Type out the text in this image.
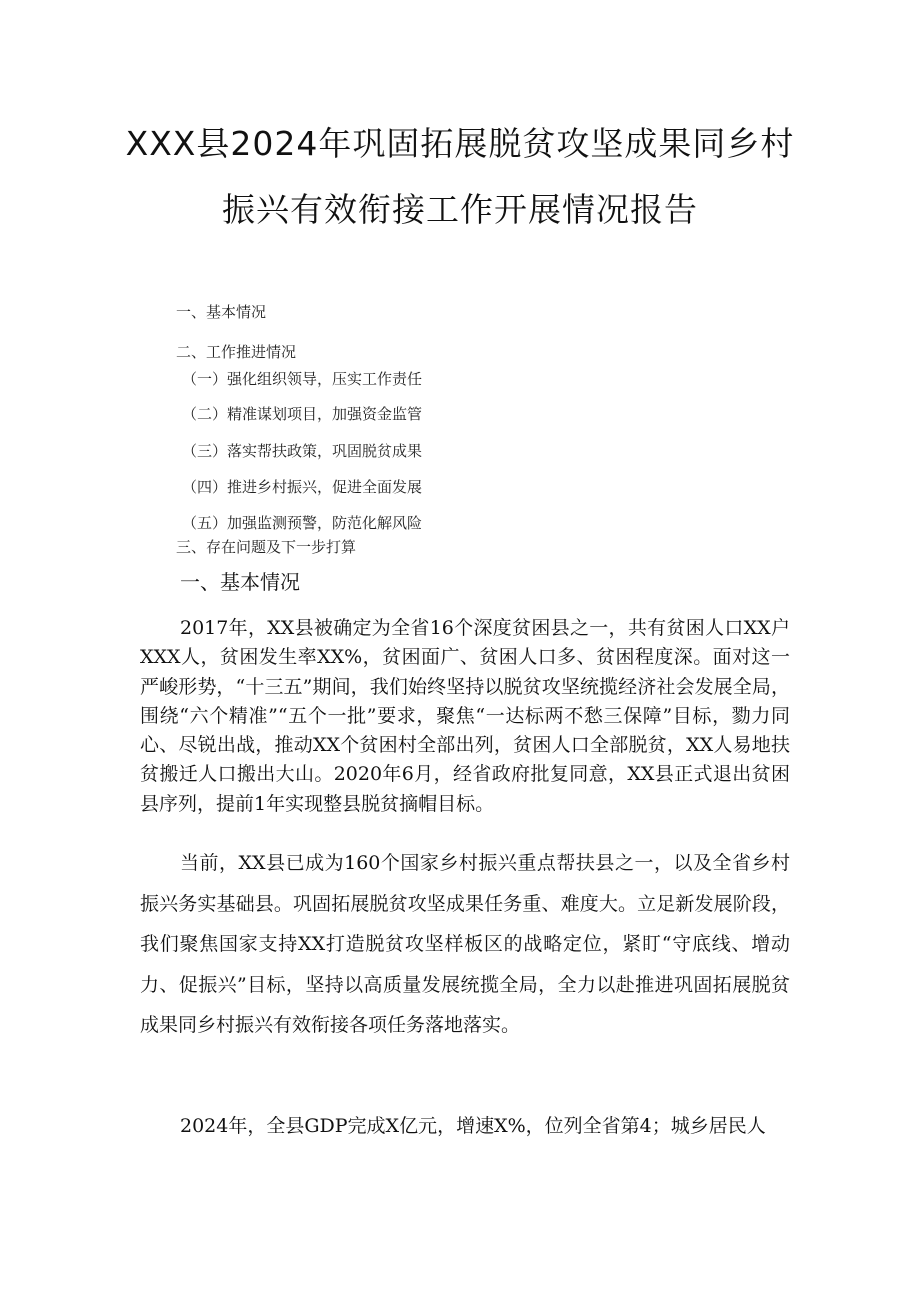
XXX县2024年巩固拓展脱贫攻坚成果同乡村
振兴有效衔接工作开展情况报告
一、基本情况
二、工作推进情况
（一）强化组织领导，压实工作责任
（二）精准谋划项目，加强资金监管
（三）落实帮扶政策，巩固脱贫成果
（四）推进乡村振兴，促进全面发展
（五）加强监测预警，防范化解风险
三、存在问题及下一步打算
一、基本情况

2017年，XX县被确定为全省16个深度贫困县之一，共有贫困人口XX户XXX人，贫困发生率XX%，贫困面广、贫困人口多、贫困程度深。面对这一严峻形势，“十三五”期间，我们始终坚持以脱贫攻坚统揽经济社会发展全局，围绕“六个精准”“五个一批”要求，聚焦“一达标两不愁三保障”目标，勠力同心、尽锐出战，推动XX个贫困村全部出列，贫困人口全部脱贫，XX人易地扶贫搬迁人口搬出大山。2020年6月，经省政府批复同意，XX县正式退出贫困县序列，提前1年实现整县脱贫摘帽目标。

当前，XX县已成为160个国家乡村振兴重点帮扶县之一，以及全省乡村振兴务实基础县。巩固拓展脱贫攻坚成果任务重、难度大。立足新发展阶段，我们聚焦国家支持XX打造脱贫攻坚样板区的战略定位，紧盯“守底线、增动力、促振兴”目标，坚持以高质量发展统揽全局，全力以赴推进巩固拓展脱贫成果同乡村振兴有效衔接各项任务落地落实。

2024年，全县GDP完成X亿元，增速X%，位列全省第4；城乡居民人
